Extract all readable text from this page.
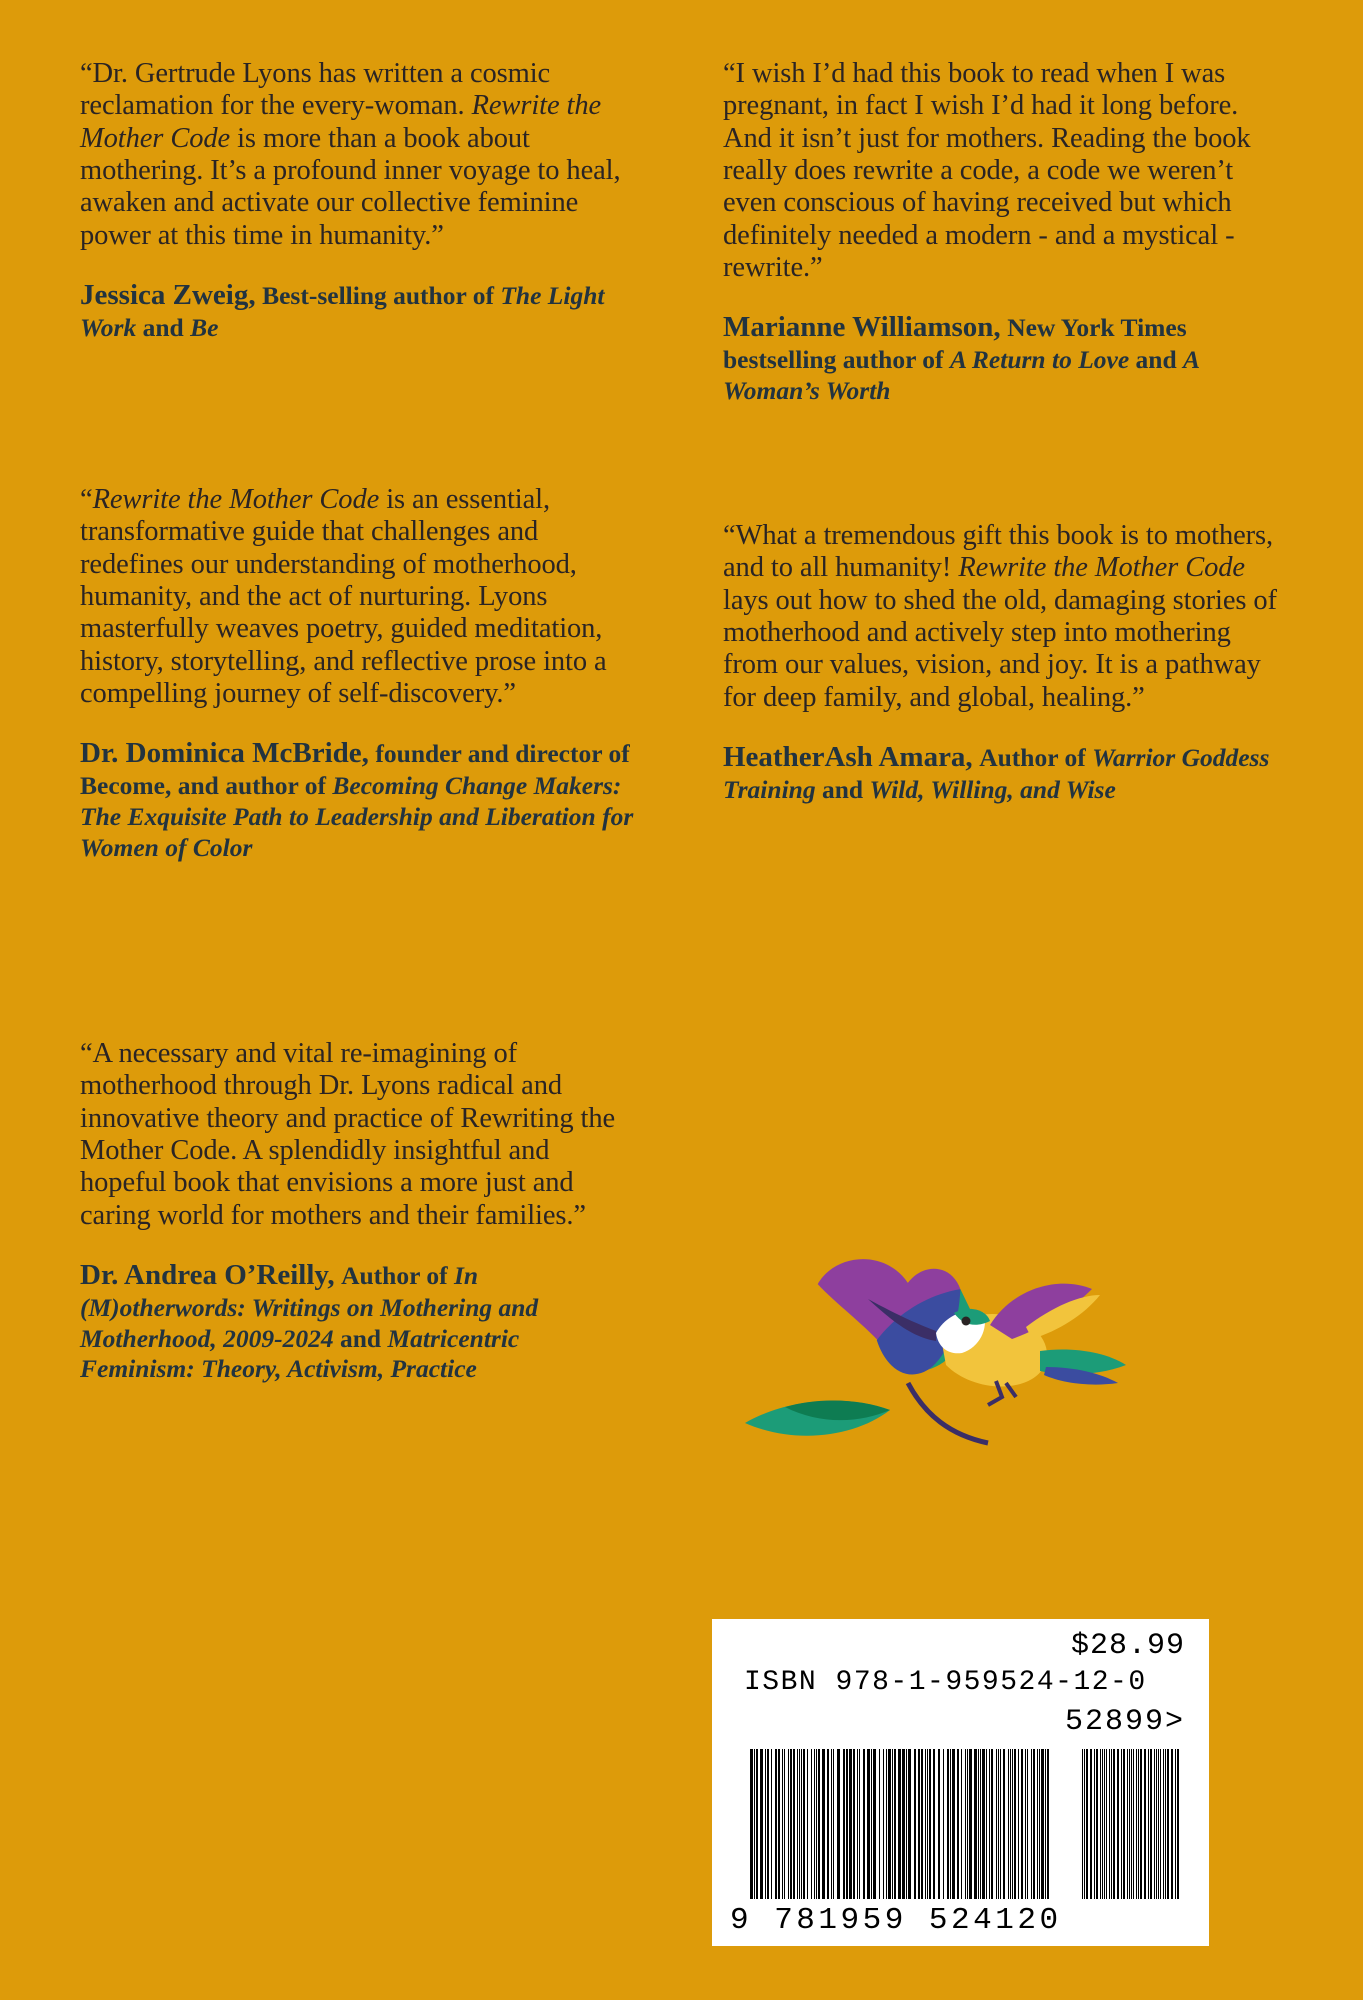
“Dr. Gertrude Lyons has written a cosmic reclamation for the every-woman. Rewrite the Mother Code is more than a book about mothering. It’s a profound inner voyage to heal, awaken and activate our collective feminine power at this time in humanity.”
Jessica Zweig, Best-selling author of The Light Work and Be
“Rewrite the Mother Code is an essential, transformative guide that challenges and redefines our understanding of motherhood, humanity, and the act of nurturing. Lyons masterfully weaves poetry, guided meditation, history, storytelling, and reflective prose into a compelling journey of self-discovery.”
Dr. Dominica McBride, founder and director of Become, and author of Becoming Change Makers: The Exquisite Path to Leadership and Liberation for Women of Color
“A necessary and vital re-imagining of motherhood through Dr. Lyons radical and innovative theory and practice of Rewriting the Mother Code. A splendidly insightful and hopeful book that envisions a more just and caring world for mothers and their families.”
Dr. Andrea O’Reilly, Author of In (M)otherwords: Writings on Mothering and Motherhood, 2009-2024 and Matricentric Feminism: Theory, Activism, Practice
“I wish I’d had this book to read when I was pregnant, in fact I wish I’d had it long before. And it isn’t just for mothers. Reading the book really does rewrite a code, a code we weren’t even conscious of having received but which definitely needed a modern - and a mystical - rewrite.”
Marianne Williamson, New York Times bestselling author of A Return to Love and A Woman’s Worth
“What a tremendous gift this book is to mothers, and to all humanity! Rewrite the Mother Code lays out how to shed the old, damaging stories of motherhood and actively step into mothering from our values, vision, and joy. It is a pathway for deep family, and global, healing.”
HeatherAsh Amara, Author of Warrior Goddess Training and Wild, Willing, and Wise
$28.99
ISBN 978-1-959524-12-0
52899>
9 781959 524120
